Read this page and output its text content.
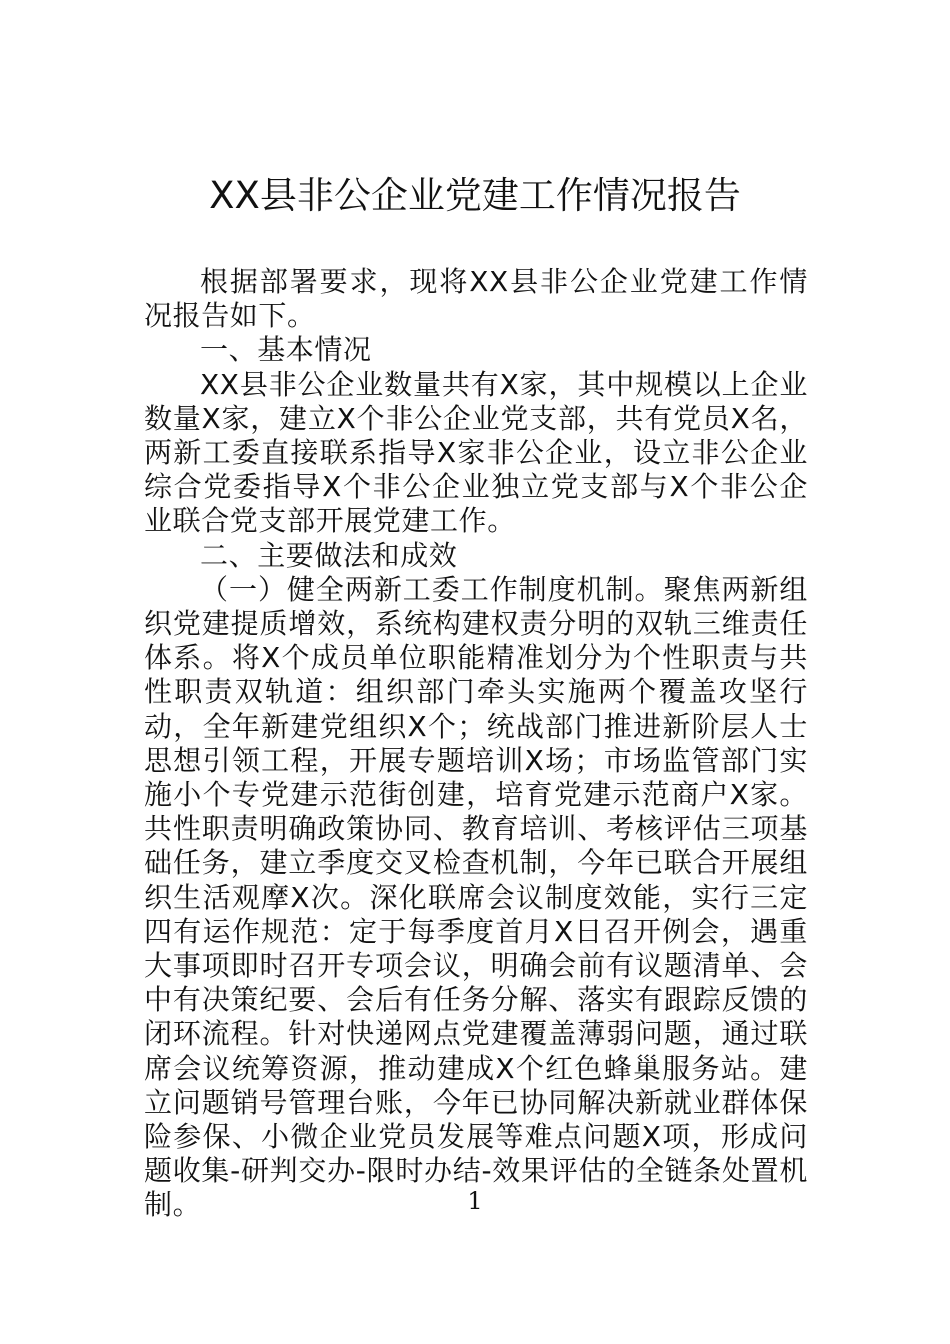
XX县非公企业党建工作情况报告

根据部署要求，现将XX县非公企业党建工作情况报告如下。

一、基本情况

XX县非公企业数量共有X家，其中规模以上企业数量X家，建立X个非公企业党支部，共有党员X名，两新工委直接联系指导X家非公企业，设立非公企业综合党委指导X个非公企业独立党支部与X个非公企业联合党支部开展党建工作。

二、主要做法和成效

（一）健全两新工委工作制度机制。聚焦两新组织党建提质增效，系统构建权责分明的双轨三维责任体系。将X个成员单位职能精准划分为个性职责与共性职责双轨道：组织部门牵头实施两个覆盖攻坚行动，全年新建党组织X个；统战部门推进新阶层人士思想引领工程，开展专题培训X场；市场监管部门实施小个专党建示范街创建，培育党建示范商户X家。共性职责明确政策协同、教育培训、考核评估三项基础任务，建立季度交叉检查机制，今年已联合开展组织生活观摩X次。深化联席会议制度效能，实行三定四有运作规范：定于每季度首月X日召开例会，遇重大事项即时召开专项会议，明确会前有议题清单、会中有决策纪要、会后有任务分解、落实有跟踪反馈的闭环流程。针对快递网点党建覆盖薄弱问题，通过联席会议统筹资源，推动建成X个红色蜂巢服务站。建立问题销号管理台账，今年已协同解决新就业群体保险参保、小微企业党员发展等难点问题X项，形成问题收集-研判交办-限时办结-效果评估的全链条处置机制。	1
